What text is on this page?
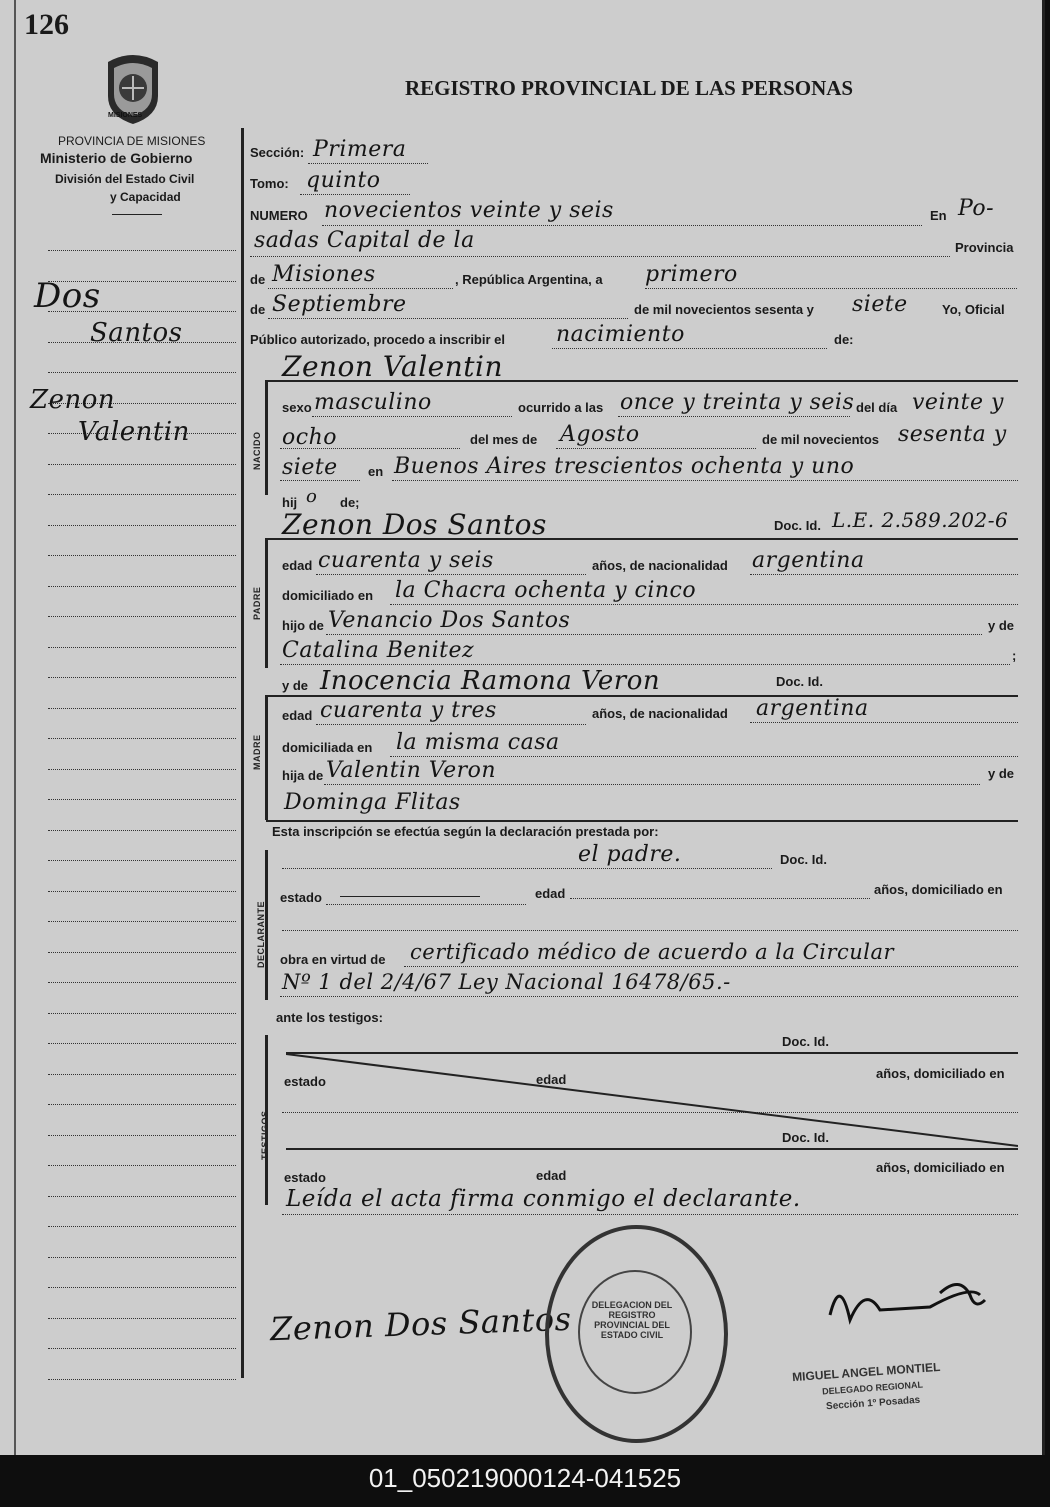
126
MISIONES
REGISTRO PROVINCIAL DE LAS PERSONAS
PROVINCIA DE MISIONES
Ministerio de Gobierno
División del Estado Civil
y Capacidad
Dos
Santos
Zenon
Valentin
Sección: Primera
Tomo: quinto
NUMERO novecientos veinte y seis	En Po-
sadas Capital de la	Provincia
de Misiones	, República Argentina, a primero
de Septiembre	de mil novecientos sesenta y siete	Yo, Oficial
Público autorizado, procedo a inscribir el nacimiento	de:
NACIDO
Zenon Valentin
sexo masculino	ocurrido a las once y treinta y seis del día veinte y
ocho	del mes de Agosto	de mil novecientos sesenta y
siete en Buenos Aires trescientos ochenta y uno
hij o de;
PADRE
Zenon Dos Santos	Doc. Id. L.E. 2.589.202-6
edad cuarenta y seis	años, de nacionalidad argentina
domiciliado en la Chacra ochenta y cinco
hijo de Venancio Dos Santos	y de
Catalina Benitez	;
MADRE
y de Inocencia Ramona Veron	Doc. Id.
edad cuarenta y tres	años, de nacionalidad argentina
domiciliada en la misma casa
hija de Valentin Veron	y de
Dominga Flitas
Esta inscripción se efectúa según la declaración prestada por:
DECLARANTE
el padre.	Doc. Id.
estado	edad	años, domiciliado en
obra en virtud de certificado médico de acuerdo a la Circular
Nº 1 del 2/4/67 Ley Nacional 16478/65.-
ante los testigos:
TESTIGOS
Doc. Id.
estado	edad	años, domiciliado en
Doc. Id.
estado	edad
años, domiciliado en
Leída el acta firma conmigo el declarante.
Zenon Dos Santos	DELEGACION DEL REGISTRO PROVINCIAL DEL ESTADO CIVIL
MIGUEL ANGEL MONTIEL
DELEGADO REGIONAL
Sección 1º Posadas
01_050219000124-041525
